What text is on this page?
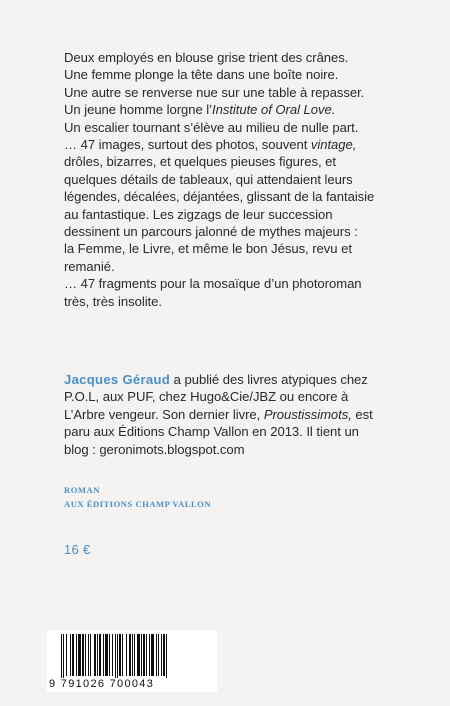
Deux employés en blouse grise trient des crânes.
Une femme plonge la tête dans une boîte noire.
Une autre se renverse nue sur une table à repasser.
Un jeune homme lorgne l’Institute of Oral Love.
Un escalier tournant s’élève au milieu de nulle part.
… 47 images, surtout des photos, souvent vintage,
drôles, bizarres, et quelques pieuses figures, et
quelques détails de tableaux, qui attendaient leurs
légendes, décalées, déjantées, glissant de la fantaisie
au fantastique. Les zigzags de leur succession
dessinent un parcours jalonné de mythes majeurs :
la Femme, le Livre, et même le bon Jésus, revu et
remanié.
… 47 fragments pour la mosaïque d’un photoroman
très, très insolite.

Jacques Géraud a publié des livres atypiques chez
P.O.L, aux PUF, chez Hugo&Cie/JBZ ou encore à
L’Arbre vengeur. Son dernier livre, Proustissimots, est
paru aux Éditions Champ Vallon en 2013. Il tient un
blog : geronimots.blogspot.com

ROMAN
AUX ÉDITIONS CHAMP VALLON
16 €
9 791026 700043
